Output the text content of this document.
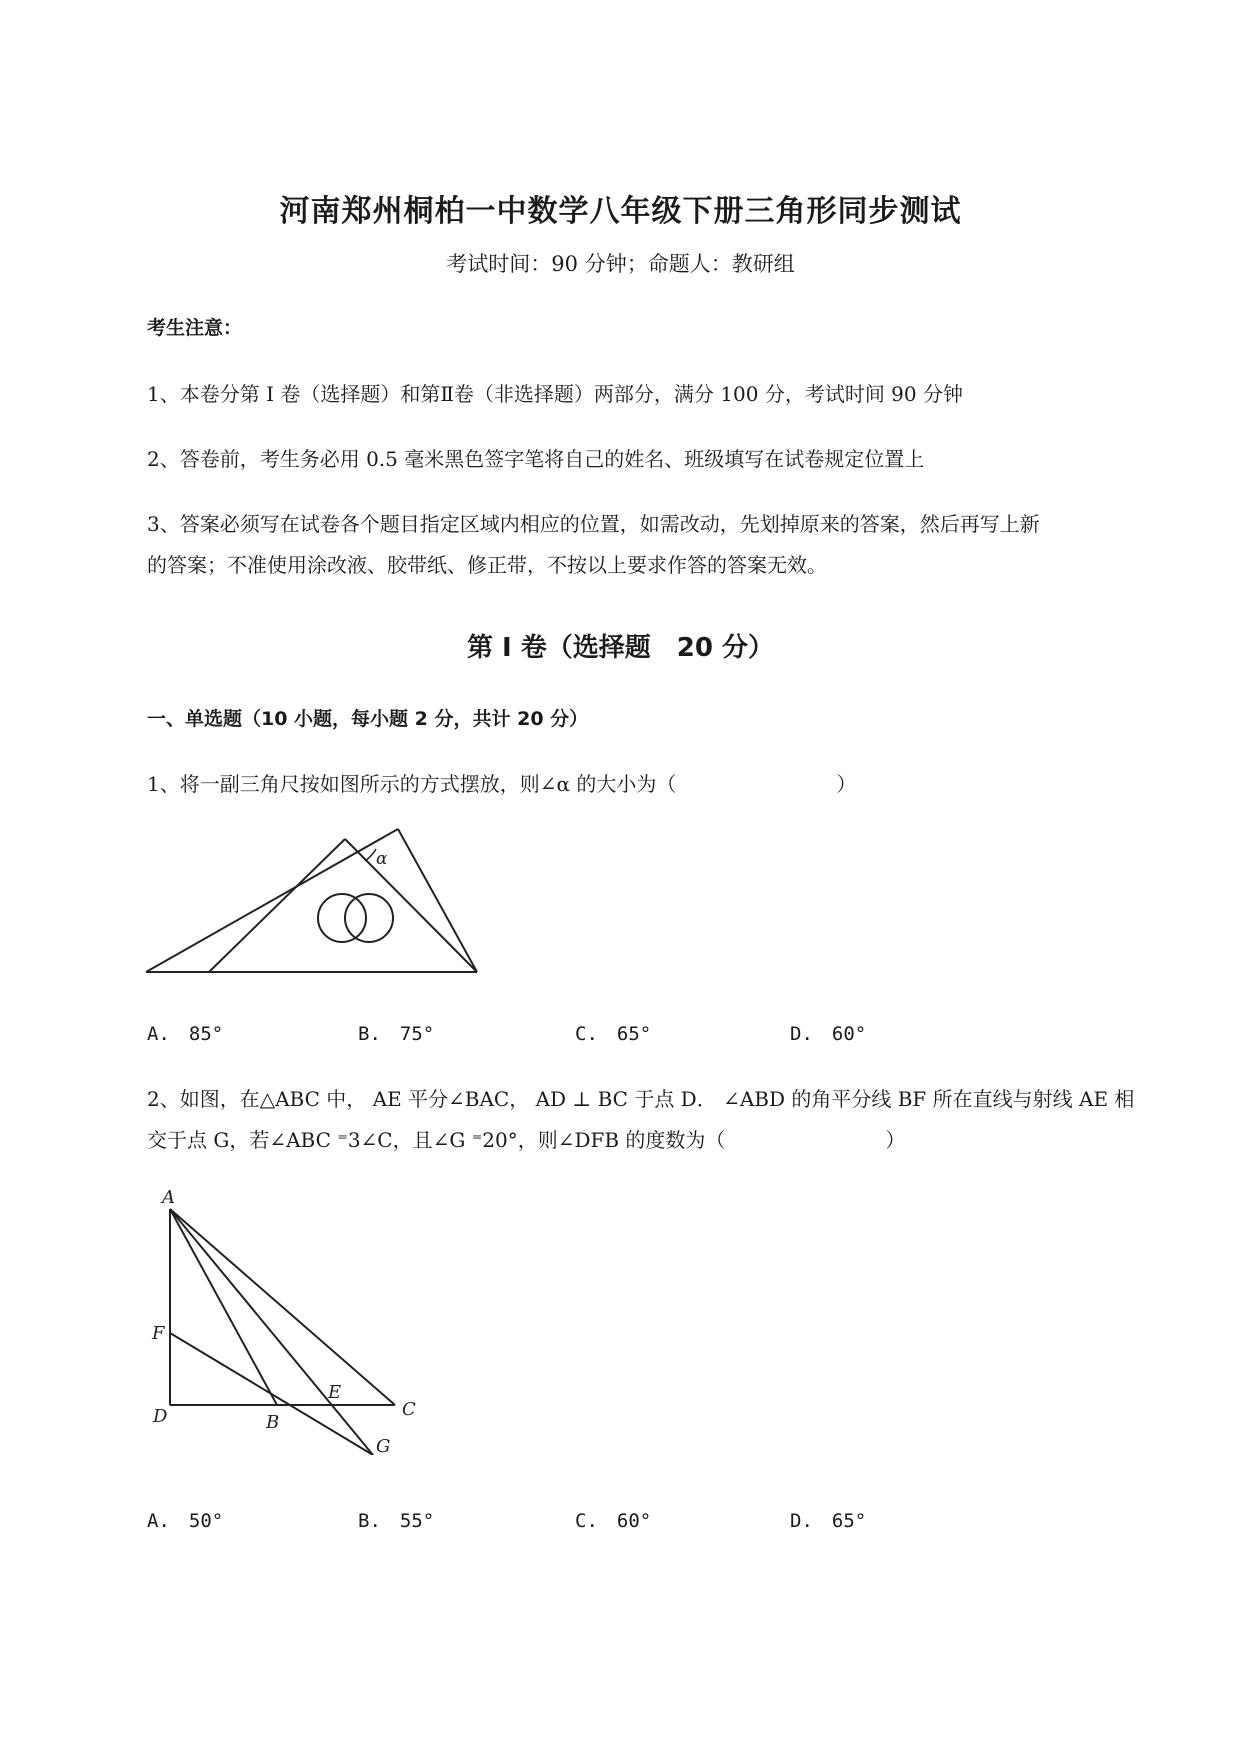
河南郑州桐柏一中数学八年级下册三角形同步测试
考试时间：90 分钟；命题人：教研组
考生注意：
1、本卷分第 I 卷（选择题）和第Ⅱ卷（非选择题）两部分，满分 100 分，考试时间 90 分钟
2、答卷前，考生务必用 0.5 毫米黑色签字笔将自己的姓名、班级填写在试卷规定位置上
3、答案必须写在试卷各个题目指定区域内相应的位置，如需改动，先划掉原来的答案，然后再写上新
的答案；不准使用涂改液、胶带纸、修正带，不按以上要求作答的答案无效。
第 I 卷（选择题　20 分）
一、单选题（10 小题，每小题 2 分，共计 20 分）
1、将一副三角尺按如图所示的方式摆放，则∠α 的大小为（　　　　　　　　）
α
A.　85°	B.　75°	C.　65°	D.　60°
2、如图，在△ABC 中， AE 平分∠BAC， AD ⊥ BC 于点 D． ∠ABD 的角平分线 BF 所在直线与射线 AE 相
交于点 G，若∠ABC ⁼3∠C，且∠G ⁼20°，则∠DFB 的度数为（　　　　　　　　）
A
F
D	B
E
C
G
A.　50°	B.　55°	C.　60°	D.　65°
